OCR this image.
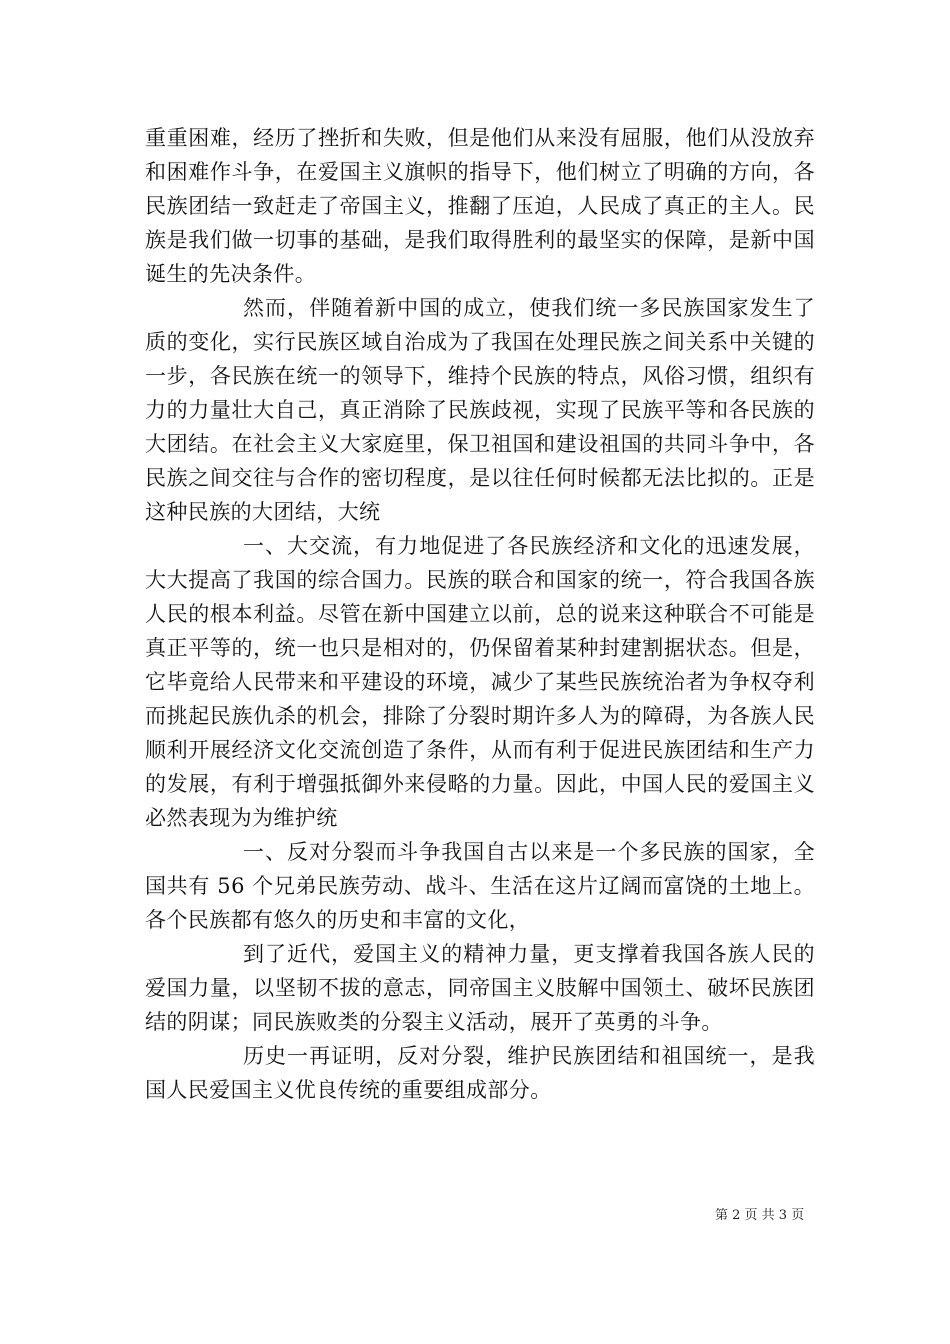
重重困难，经历了挫折和失败，但是他们从来没有屈服，他们从没放弃和困难作斗争，在爱国主义旗帜的指导下，他们树立了明确的方向，各民族团结一致赶走了帝国主义，推翻了压迫，人民成了真正的主人。民族是我们做一切事的基础，是我们取得胜利的最坚实的保障，是新中国诞生的先决条件。

然而，伴随着新中国的成立，使我们统一多民族国家发生了质的变化，实行民族区域自治成为了我国在处理民族之间关系中关键的一步，各民族在统一的领导下，维持个民族的特点，风俗习惯，组织有力的力量壮大自己，真正消除了民族歧视，实现了民族平等和各民族的大团结。在社会主义大家庭里，保卫祖国和建设祖国的共同斗争中，各民族之间交往与合作的密切程度，是以往任何时候都无法比拟的。正是这种民族的大团结，大统

一、大交流，有力地促进了各民族经济和文化的迅速发展，大大提高了我国的综合国力。民族的联合和国家的统一，符合我国各族人民的根本利益。尽管在新中国建立以前，总的说来这种联合不可能是真正平等的，统一也只是相对的，仍保留着某种封建割据状态。但是，它毕竟给人民带来和平建设的环境，减少了某些民族统治者为争权夺利而挑起民族仇杀的机会，排除了分裂时期许多人为的障碍，为各族人民顺利开展经济文化交流创造了条件，从而有利于促进民族团结和生产力的发展，有利于增强抵御外来侵略的力量。因此，中国人民的爱国主义必然表现为为维护统

一、反对分裂而斗争我国自古以来是一个多民族的国家，全国共有 56 个兄弟民族劳动、战斗、生活在这片辽阔而富饶的土地上。各个民族都有悠久的历史和丰富的文化，

到了近代，爱国主义的精神力量，更支撑着我国各族人民的爱国力量，以坚韧不拔的意志，同帝国主义肢解中国领土、破坏民族团结的阴谋；同民族败类的分裂主义活动，展开了英勇的斗争。

历史一再证明，反对分裂，维护民族团结和祖国统一，是我国人民爱国主义优良传统的重要组成部分。

第 2 页 共 3 页
